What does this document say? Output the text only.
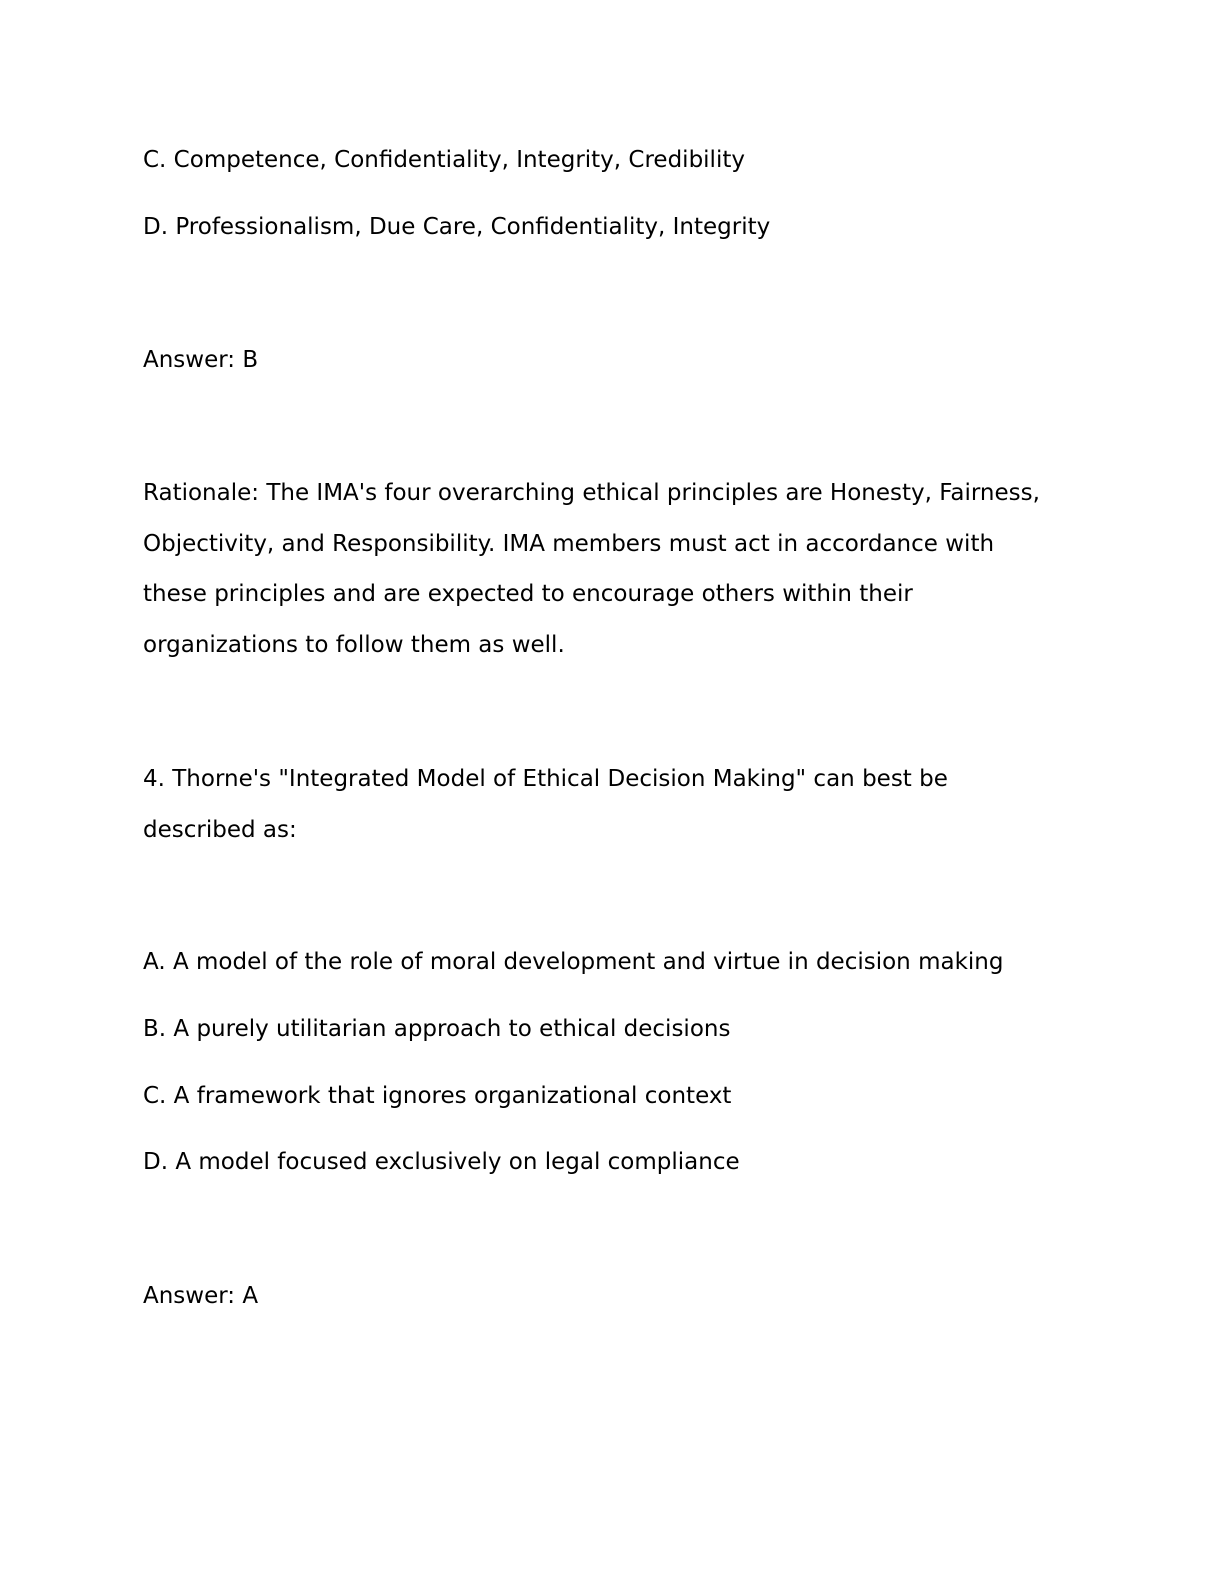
C. Competence, Confidentiality, Integrity, Credibility
D. Professionalism, Due Care, Confidentiality, Integrity
Answer: B
Rationale: The IMA's four overarching ethical principles are Honesty, Fairness, Objectivity, and Responsibility. IMA members must act in accordance with these principles and are expected to encourage others within their organizations to follow them as well.
4. Thorne's "Integrated Model of Ethical Decision Making" can best be described as:
A. A model of the role of moral development and virtue in decision making
B. A purely utilitarian approach to ethical decisions
C. A framework that ignores organizational context
D. A model focused exclusively on legal compliance
Answer: A
